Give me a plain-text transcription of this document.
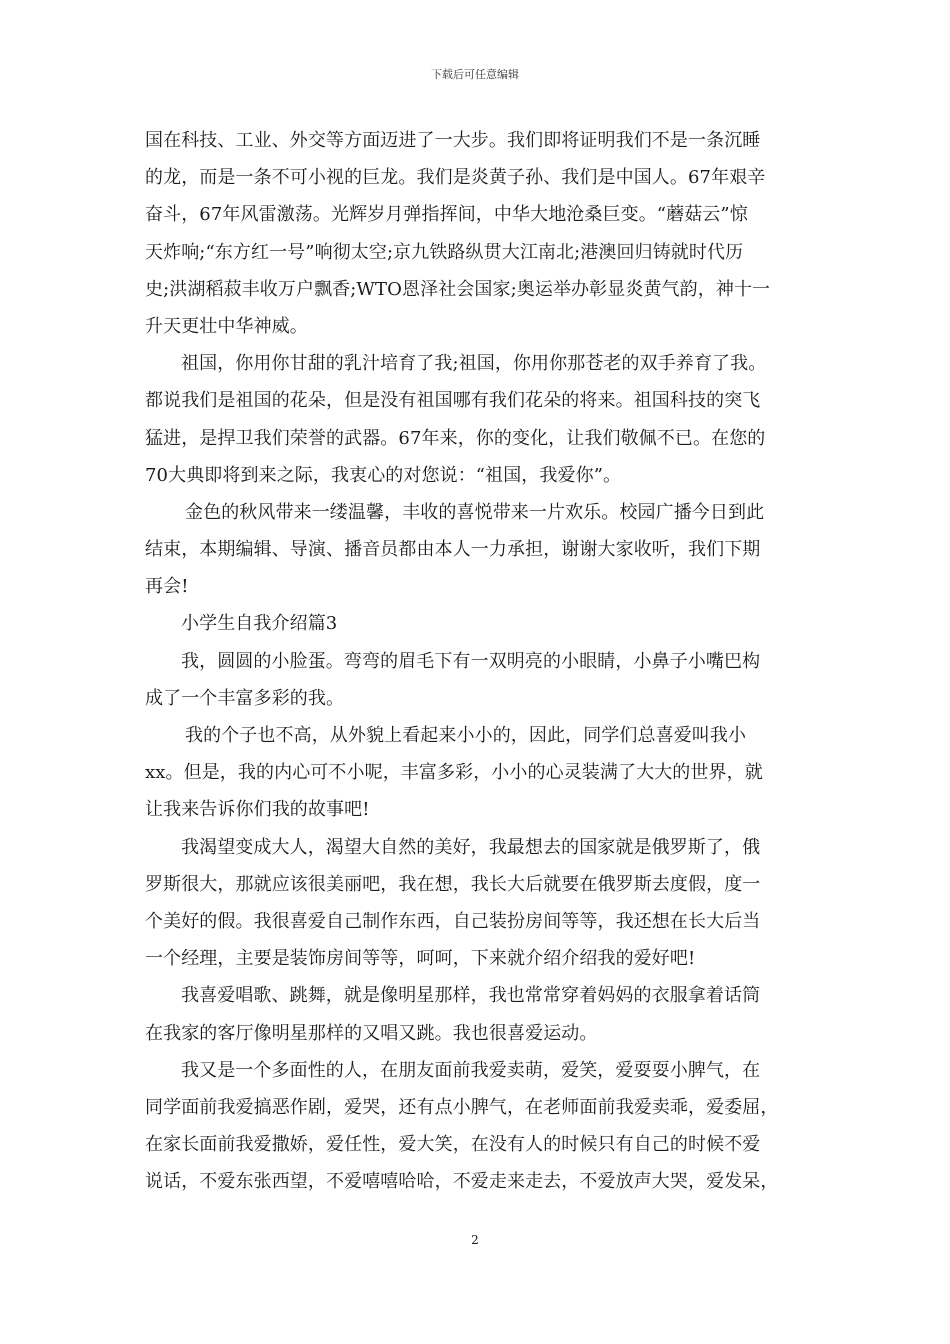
下载后可任意编辑
国在科技、工业、外交等方面迈进了一大步。我们即将证明我们不是一条沉睡
的龙，而是一条不可小视的巨龙。我们是炎黄子孙、我们是中国人。67年艰辛
奋斗，67年风雷激荡。光辉岁月弹指挥间，中华大地沧桑巨变。“蘑菇云”惊
天炸响;“东方红一号”响彻太空;京九铁路纵贯大江南北;港澳回归铸就时代历
史;洪湖稻菽丰收万户飘香;WTO恩泽社会国家;奥运举办彰显炎黄气韵，神十一
升天更壮中华神威。
祖国，你用你甘甜的乳汁培育了我;祖国，你用你那苍老的双手养育了我。
都说我们是祖国的花朵，但是没有祖国哪有我们花朵的将来。祖国科技的突飞
猛进，是捍卫我们荣誉的武器。67年来，你的变化，让我们敬佩不已。在您的
70大典即将到来之际，我衷心的对您说：“祖国，我爱你”。
金色的秋风带来一缕温馨，丰收的喜悦带来一片欢乐。校园广播今日到此
结束，本期编辑、导演、播音员都由本人一力承担，谢谢大家收听，我们下期
再会!
小学生自我介绍篇3
我，圆圆的小脸蛋。弯弯的眉毛下有一双明亮的小眼睛，小鼻子小嘴巴构
成了一个丰富多彩的我。
我的个子也不高，从外貌上看起来小小的，因此，同学们总喜爱叫我小
xx。但是，我的内心可不小呢，丰富多彩，小小的心灵装满了大大的世界，就
让我来告诉你们我的故事吧!
我渴望变成大人，渴望大自然的美好，我最想去的国家就是俄罗斯了，俄
罗斯很大，那就应该很美丽吧，我在想，我长大后就要在俄罗斯去度假，度一
个美好的假。我很喜爱自己制作东西，自己装扮房间等等，我还想在长大后当
一个经理，主要是装饰房间等等，呵呵，下来就介绍介绍我的爱好吧!
我喜爱唱歌、跳舞，就是像明星那样，我也常常穿着妈妈的衣服拿着话筒
在我家的客厅像明星那样的又唱又跳。我也很喜爱运动。
我又是一个多面性的人，在朋友面前我爱卖萌，爱笑，爱耍耍小脾气，在
同学面前我爱搞恶作剧，爱哭，还有点小脾气，在老师面前我爱卖乖，爱委屈，
在家长面前我爱撒娇，爱任性，爱大笑，在没有人的时候只有自己的时候不爱
说话，不爱东张西望，不爱嘻嘻哈哈，不爱走来走去，不爱放声大哭，爱发呆，
2
